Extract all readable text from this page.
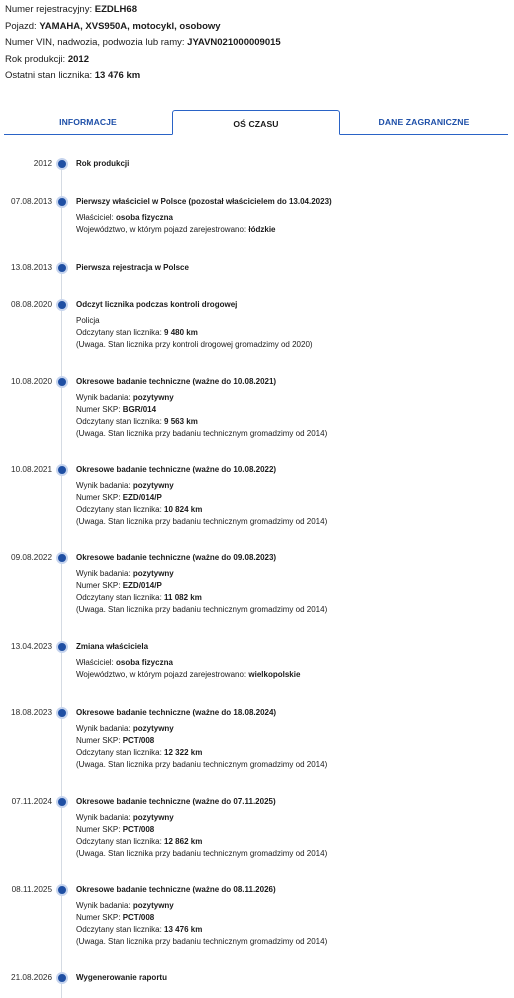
Numer rejestracyjny: EZDLH68
Pojazd: YAMAHA, XVS950A, motocykl, osobowy
Numer VIN, nadwozia, podwozia lub ramy: JYAVN021000009015
Rok produkcji: 2012
Ostatni stan licznika: 13 476 km
INFORMACJE	OŚ CZASU	DANE ZAGRANICZNE
2012	Rok produkcji
07.08.2013	Pierwszy właściciel w Polsce (pozostał właścicielem do 13.04.2023)
Właściciel: osoba fizyczna
Województwo, w którym pojazd zarejestrowano: łódzkie
13.08.2013	Pierwsza rejestracja w Polsce
08.08.2020	Odczyt licznika podczas kontroli drogowej
Policja
Odczytany stan licznika: 9 480 km
(Uwaga. Stan licznika przy kontroli drogowej gromadzimy od 2020)
10.08.2020	Okresowe badanie techniczne (ważne do 10.08.2021)
Wynik badania: pozytywny
Numer SKP: BGR/014
Odczytany stan licznika: 9 563 km
(Uwaga. Stan licznika przy badaniu technicznym gromadzimy od 2014)
10.08.2021	Okresowe badanie techniczne (ważne do 10.08.2022)
Wynik badania: pozytywny
Numer SKP: EZD/014/P
Odczytany stan licznika: 10 824 km
(Uwaga. Stan licznika przy badaniu technicznym gromadzimy od 2014)
09.08.2022	Okresowe badanie techniczne (ważne do 09.08.2023)
Wynik badania: pozytywny
Numer SKP: EZD/014/P
Odczytany stan licznika: 11 082 km
(Uwaga. Stan licznika przy badaniu technicznym gromadzimy od 2014)
13.04.2023	Zmiana właściciela
Właściciel: osoba fizyczna
Województwo, w którym pojazd zarejestrowano: wielkopolskie
18.08.2023	Okresowe badanie techniczne (ważne do 18.08.2024)
Wynik badania: pozytywny
Numer SKP: PCT/008
Odczytany stan licznika: 12 322 km
(Uwaga. Stan licznika przy badaniu technicznym gromadzimy od 2014)
07.11.2024	Okresowe badanie techniczne (ważne do 07.11.2025)
Wynik badania: pozytywny
Numer SKP: PCT/008
Odczytany stan licznika: 12 862 km
(Uwaga. Stan licznika przy badaniu technicznym gromadzimy od 2014)
08.11.2025	Okresowe badanie techniczne (ważne do 08.11.2026)
Wynik badania: pozytywny
Numer SKP: PCT/008
Odczytany stan licznika: 13 476 km
(Uwaga. Stan licznika przy badaniu technicznym gromadzimy od 2014)
21.08.2026	Wygenerowanie raportu
